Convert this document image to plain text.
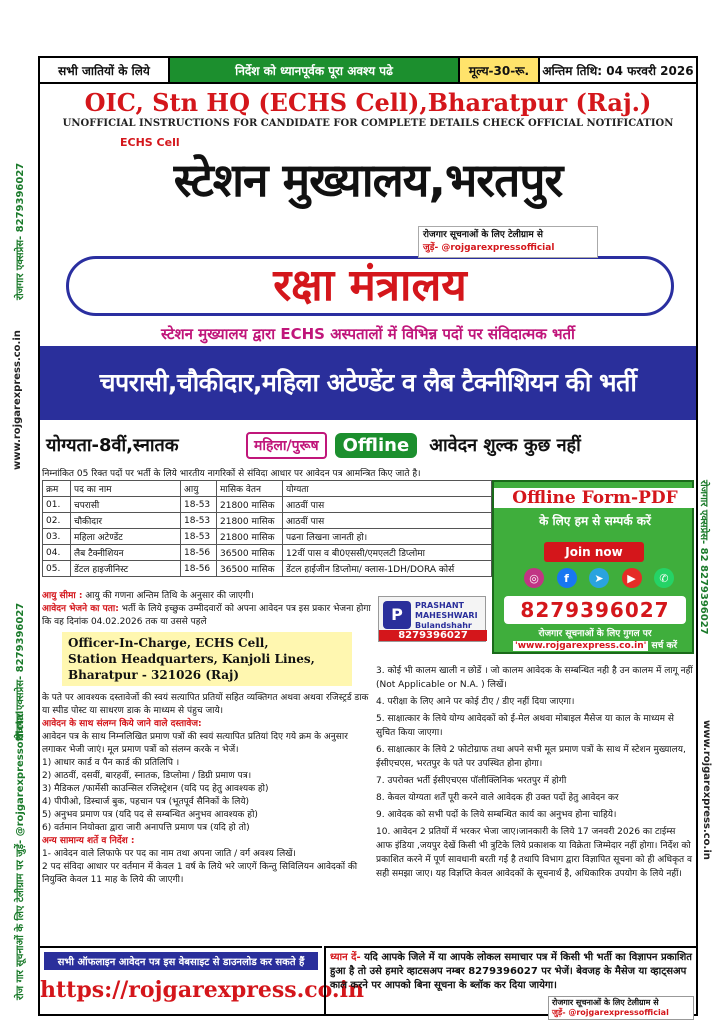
रोजगार एक्सप्रेस- 8279396027
www.rojgarexpress.co.in
रोजगार एक्सप्रेस- 8279396027
रोज गार सूचनाओं के लिए टेलीग्राम पर जुड़ें- @rojgarexpressofficial
रोजगार एक्सप्रेस- 82 8279396027
www.rojgarexpress.co.in
सभी जातियों के लिये	निर्देश को ध्यानपूर्वक पूरा अवश्य पढे	मूल्य-30-रू.	अन्तिम तिथि: 04 फरवरी 2026
OIC, Stn HQ (ECHS Cell),Bharatpur (Raj.)
UNOFFICIAL INSTRUCTIONS FOR CANDIDATE FOR COMPLETE DETAILS CHECK OFFICIAL NOTIFICATION
ECHS Cell
स्टेशन मुख्यालय,भरतपुर
रक्षा मंत्रालय
रोजगार सूचनाओं के लिए टेलीग्राम से
जुड़ें- @rojgarexpressofficial
स्टेशन मुख्यालय द्वारा ECHS अस्पतालों में विभिन्न पदों पर संविदात्मक भर्ती
चपरासी,चौकीदार,महिला अटेण्डेंट व लैब टैक्नीशियन की भर्ती
योग्यता-8वीं,स्नातक	महिला/पुरूष	Offline	आवेदन शुल्क कुछ नहीं
निम्नांकित 05 रिक्त पदों पर भर्ती के लिये भारतीय नागरिकों से संविदा आधार पर आवेदन पत्र आमन्त्रित किए जाते है।
क्रम	पद का नाम	आयु	मासिक वेतन	योग्यता
01.	चपरासी	18-53	21800 मासिक	आठवीं पास
02.	चौकीदार	18-53	21800 मासिक	आठवीं पास
03.	महिला अटेण्डेंट	18-53	21800 मासिक	पढना लिखना जानती हो।
04.	लैब टैक्नीशियन	18-56	36500 मासिक	12वीं पास व बी0एससी/एमएलटी डिप्लोमा
05.	डेंटल हाइजीनिस्ट	18-56	36500 मासिक	डेंटल हाईजीन डिप्लोमा/ क्लास-1DH/DORA कोर्स
Offline Form-PDF
के लिए हम से सम्पर्क करें
Join now
◎	f	➤	▶	✆
8279396027
रोजगार सूचनाओं के लिए गुगल पर
'www.rojgarexpress.co.in' सर्च करें
P	PRASHANT MAHESHWARI Bulandshahr
8279396027
आयु सीमा : आयु की गणना अन्तिम तिथि के अनुसार की जाएगी।
आवेदन भेजने का पता: भर्ती के लिये इच्छुक उम्मीदवारों को अपना आवेदन पत्र इस प्रकार भेजना होगा कि वह दिनांक 04.02.2026 तक या उससे पहले
Officer-In-Charge, ECHS Cell,
Station Headquarters, Kanjoli Lines,
Bharatpur - 321026 (Raj)

के पते पर आवश्यक दस्तावेजों की स्वयं सत्यापित प्रतियों सहित व्यक्तिगत अथवा अथवा रजिस्ट्रर्ड डाक या स्पीड पोस्ट या साधरण डाक के माध्यम से पंहुच जाये।

आवेदन के साथ संलग्न किये जाने वाले दस्तावेज:

आवेदन पत्र के साथ निम्नलिखित प्रमाण पत्रों की स्वयं सत्यापित प्रतियां दिए गये क्रम के अनुसार लगाकर भेजी जाएं। मूल प्रमाण पत्रों को संलग्न करके न भेजें।

1) आधार कार्ड व पैन कार्ड की प्रतिलिपि ।

2) आठवीं, दसवीं, बारहवीं, स्नातक, डिप्लोमा / डिग्री प्रमाण पत्र।

3) मैडिकल /फार्मेसी काउन्सिल रजिस्ट्रेशन (यदि पद हेतु आवश्यक हो)

4) पीपीओ, डिस्चार्ज बुक, पहचान पत्र (भूतपूर्व सैनिकों के लिये)

5) अनुभव प्रमाण पत्र (यदि पद से सम्बन्धित अनुभव आवश्यक हो)

6) वर्तमान नियोक्ता द्वारा जारी अनापत्ति प्रमाण पत्र (यदि हो तो)

अन्य सामान्य शर्ते व निर्देश :

1- आवेदन वाले लिफाफे पर पद का नाम तथा अपना जाति / वर्ग अवश्य लिखें।

2 पद संविदा आधार पर वर्तमान में केवल 1 वर्ष के लिये भरे जाएगें किन्तु सिविलियन आवेदकों की नियुक्ति केवल 11 माह के लिये की जाएगी।

3. कोई भी कालम खाली न छोडें । जो कालम आवेदक के सम्बन्धित नही है उन कालम में लागू नहीं (Not Applicable or N.A. ) लिखें।

4. परीक्षा के लिए आने पर कोई टीए / डीए नहीं दिया जाएगा।

5. साक्षात्कार के लिये योग्य आवेदकों को ई-मेल अथवा मोबाइल मैसेज या काल के माध्यम से सुचित किया जाएगा।

6. साक्षात्कार के लिये 2 फोटोग्राफ तथा अपने सभी मूल प्रमाण पत्रों के साथ में स्टेशन मुख्यालय, ईसीएचएस, भरतपुर के पते पर उपस्थित होना होगा।

7. उपरोक्त भर्ती ईसीएचएस पॉलीक्लिनिक भरतपुर में होगी

8. केवल योग्यता शर्तें पूरी करने वाले आवेदक ही उक्त पदों हेतु आवेदन कर

9. आवेदक को सभी पदों के लिये सम्बन्धित कार्य का अनुभव होना चाहिये।

10. आवेदन 2 प्रतियों में भरकर भेजा जाए।जानकारी के लिये 17 जनवरी 2026 का टाईम्स आफ इंडिया ,जयपुर देखें किसी भी त्रुटिके लिये प्रकाशक या विक्रेता जिम्मेदार नहीं होगा। निर्देश को प्रकाशित करने में पूर्ण सावधानी बरती गई है तथापि विभाग द्वारा विज्ञापित सूचना को ही अधिकृत व सही समझा जाए। यह विज्ञप्ति केवल आवेदकों के सूचनार्थ है, अधिकारिक उपयोग के लिये नहीं।

सभी ऑफलाइन आवेदन पत्र इस वेबसाइट से डाउनलोड कर सकते हैं
https://rojgarexpress.co.in
ध्यान दें- यदि आपके जिले में या आपके लोकल समाचार पत्र में किसी भी भर्ती का विज्ञापन प्रकाशित हुआ है तो उसे हमारे व्हाटसअप नम्बर 8279396027 पर भेजें। बेवजह के मैसेज या व्हाट्सअप काल करने पर आपको बिना सूचना के ब्लॉक कर दिया जायेगा।
रोजगार सूचनाओं के लिए टेलीग्राम से
जुड़ें- @rojgarexpressofficial
